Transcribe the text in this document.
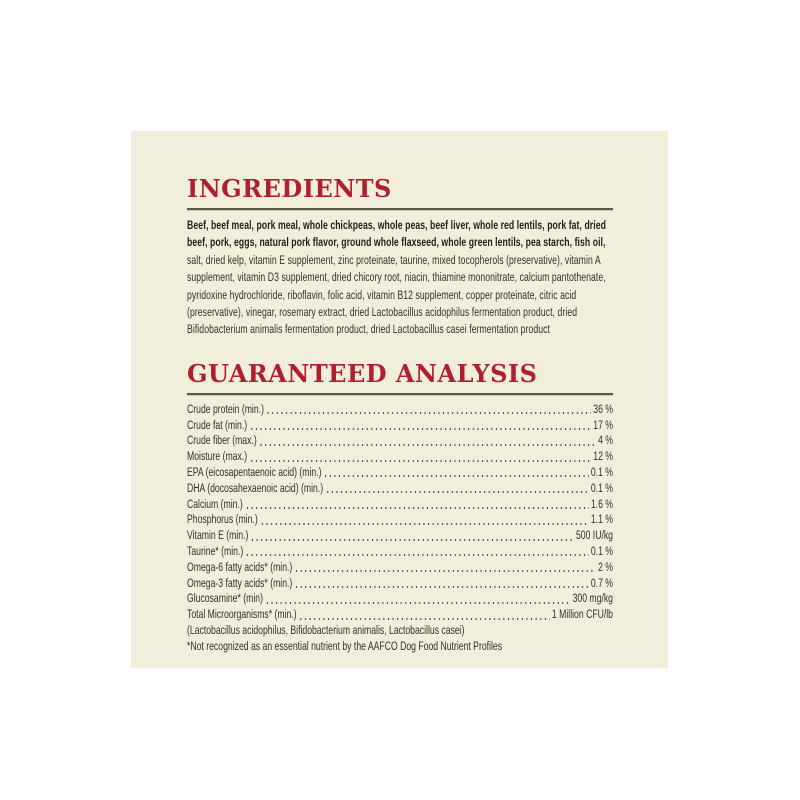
INGREDIENTS

Beef, beef meal, pork meal, whole chickpeas, whole peas, beef liver, whole red lentils, pork fat, dried beef, pork, eggs, natural pork flavor, ground whole flaxseed, whole green lentils, pea starch, fish oil, salt, dried kelp, vitamin E supplement, zinc proteinate, taurine, mixed tocopherols (preservative), vitamin A supplement, vitamin D3 supplement, dried chicory root, niacin, thiamine mononitrate, calcium pantothenate, pyridoxine hydrochloride, riboflavin, folic acid, vitamin B12 supplement, copper proteinate, citric acid (preservative), vinegar, rosemary extract, dried Lactobacillus acidophilus fermentation product, dried Bifidobacterium animalis fermentation product, dried Lactobacillus casei fermentation product

GUARANTEED ANALYSIS
Crude protein (min.)	36 %
Crude fat (min.)	17 %
Crude fiber (max.)	4 %
Moisture (max.)	12 %
EPA (eicosapentaenoic acid) (min.)	0.1 %
DHA (docosahexaenoic acid) (min.)	0.1 %
Calcium (min.)	1.6 %
Phosphorus (min.)	1.1 %
Vitamin E (min.)	500 IU/kg
Taurine* (min.)	0.1 %
Omega-6 fatty acids* (min.)	2 %
Omega-3 fatty acids* (min.)	0.7 %
Glucosamine* (min)	300 mg/kg
Total Microorganisms* (min.)	1 Million CFU/lb

(Lactobacillus acidophilus, Bifidobacterium animalis, Lactobacillus casei)

*Not recognized as an essential nutrient by the AAFCO Dog Food Nutrient Profiles
